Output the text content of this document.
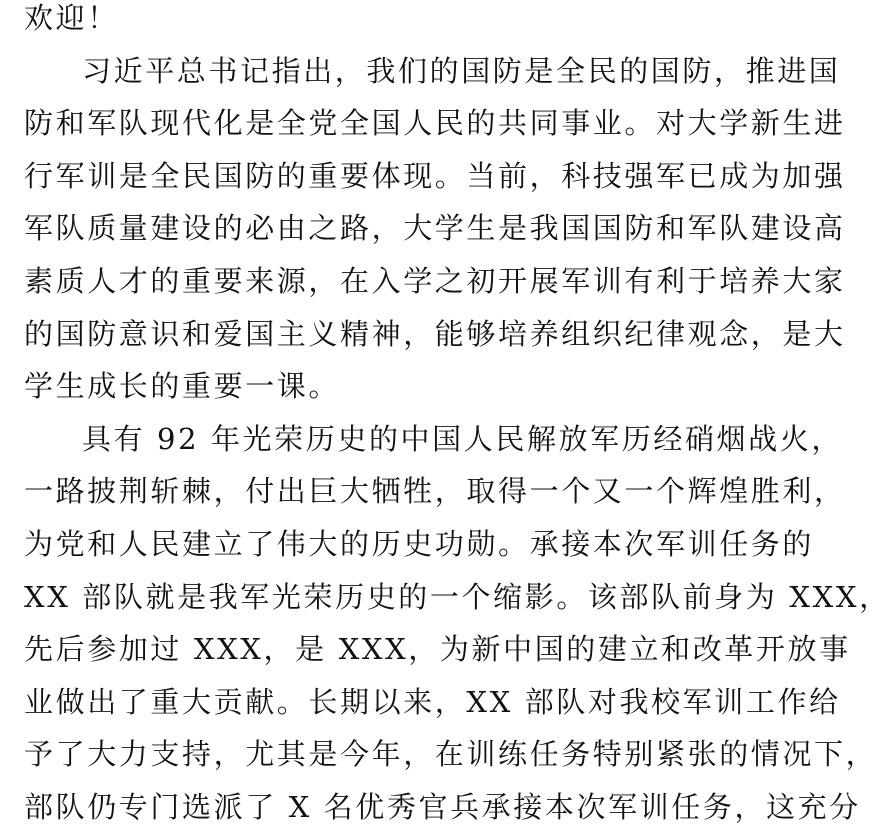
欢迎！
习近平总书记指出，我们的国防是全民的国防，推进国
防和军队现代化是全党全国人民的共同事业。对大学新生进
行军训是全民国防的重要体现。当前，科技强军已成为加强
军队质量建设的必由之路，大学生是我国国防和军队建设高
素质人才的重要来源，在入学之初开展军训有利于培养大家
的国防意识和爱国主义精神，能够培养组织纪律观念，是大
学生成长的重要一课。
具有 92 年光荣历史的中国人民解放军历经硝烟战火，
一路披荆斩棘，付出巨大牺牲，取得一个又一个辉煌胜利，
为党和人民建立了伟大的历史功勋。承接本次军训任务的
XX 部队就是我军光荣历史的一个缩影。该部队前身为 XXX，
先后参加过 XXX，是 XXX，为新中国的建立和改革开放事
业做出了重大贡献。长期以来，XX 部队对我校军训工作给
予了大力支持，尤其是今年，在训练任务特别紧张的情况下，
部队仍专门选派了 X 名优秀官兵承接本次军训任务，这充分
